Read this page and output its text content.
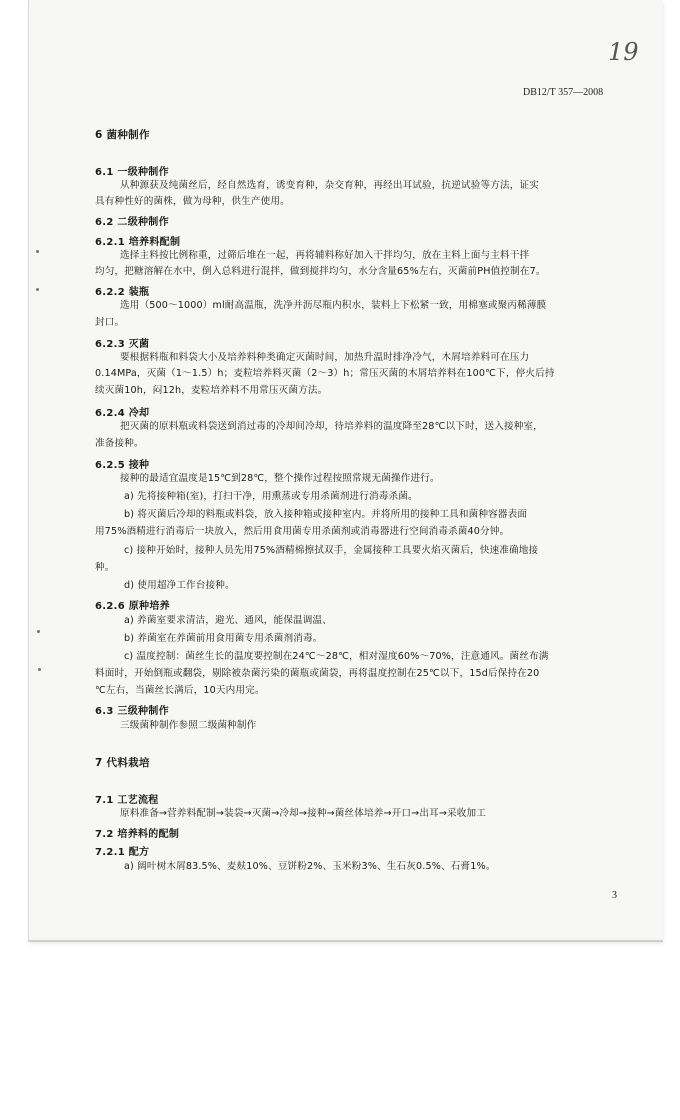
19
DB12/T 357—2008
6 菌种制作
6.1 一级种制作
从种源获及纯菌丝后，经自然选育，诱变育种，杂交育种，再经出耳试验，抗逆试验等方法，证实
具有种性好的菌株，做为母种，供生产使用。
6.2 二级种制作
6.2.1 培养料配制
选择主料按比例称重，过筛后堆在一起，再将辅料称好加入干拌均匀，放在主料上面与主料干拌
均匀，把糖溶解在水中，倒入总料进行混拌，做到搅拌均匀，水分含量65%左右，灭菌前PH值控制在7。
6.2.2 装瓶
选用（500～1000）ml耐高温瓶，洗净并沥尽瓶内积水，装料上下松紧一致，用棉塞或聚丙稀薄膜
封口。
6.2.3 灭菌
要根据料瓶和料袋大小及培养料种类确定灭菌时间，加热升温时排净冷气，木屑培养料可在压力
0.14MPa，灭菌（1～1.5）h；麦粒培养料灭菌（2～3）h；常压灭菌的木屑培养料在100℃下，停火后持
续灭菌10h，闷12h，麦粒培养料不用常压灭菌方法。
6.2.4 冷却
把灭菌的原料瓶或料袋送到消过毒的冷却间冷却，待培养料的温度降至28℃以下时，送入接种室，
准备接种。
6.2.5 接种
接种的最适宜温度是15℃到28℃，整个操作过程按照常规无菌操作进行。
a) 先将接种箱(室)，打扫干净，用熏蒸或专用杀菌剂进行消毒杀菌。
b) 将灭菌后冷却的料瓶或料袋，放入接种箱或接种室内。并将所用的接种工具和菌种容器表面
用75%酒精进行消毒后一块放入，然后用食用菌专用杀菌剂或消毒器进行空间消毒杀菌40分钟。
c) 接种开始时，接种人员先用75%酒精棉擦拭双手，金属接种工具要火焰灭菌后，快速准确地接
种。
d) 使用超净工作台接种。
6.2.6 原种培养
a) 养菌室要求清洁，避光、通风，能保温调温、
b) 养菌室在养菌前用食用菌专用杀菌剂消毒。
c) 温度控制：菌丝生长的温度要控制在24℃～28℃，相对湿度60%～70%，注意通风。菌丝布满
料面时，开始倒瓶或翻袋，剔除被杂菌污染的菌瓶或菌袋，再将温度控制在25℃以下，15d后保持在20
℃左右，当菌丝长满后，10天内用完。
6.3 三级种制作
三级菌种制作参照二级菌种制作
7 代料栽培
7.1 工艺流程
原料准备→营养料配制→装袋→灭菌→冷却→接种→菌丝体培养→开口→出耳→采收加工
7.2 培养料的配制
7.2.1 配方
a) 阔叶树木屑83.5%、麦麸10%、豆饼粉2%、玉米粉3%、生石灰0.5%、石膏1%。
3
